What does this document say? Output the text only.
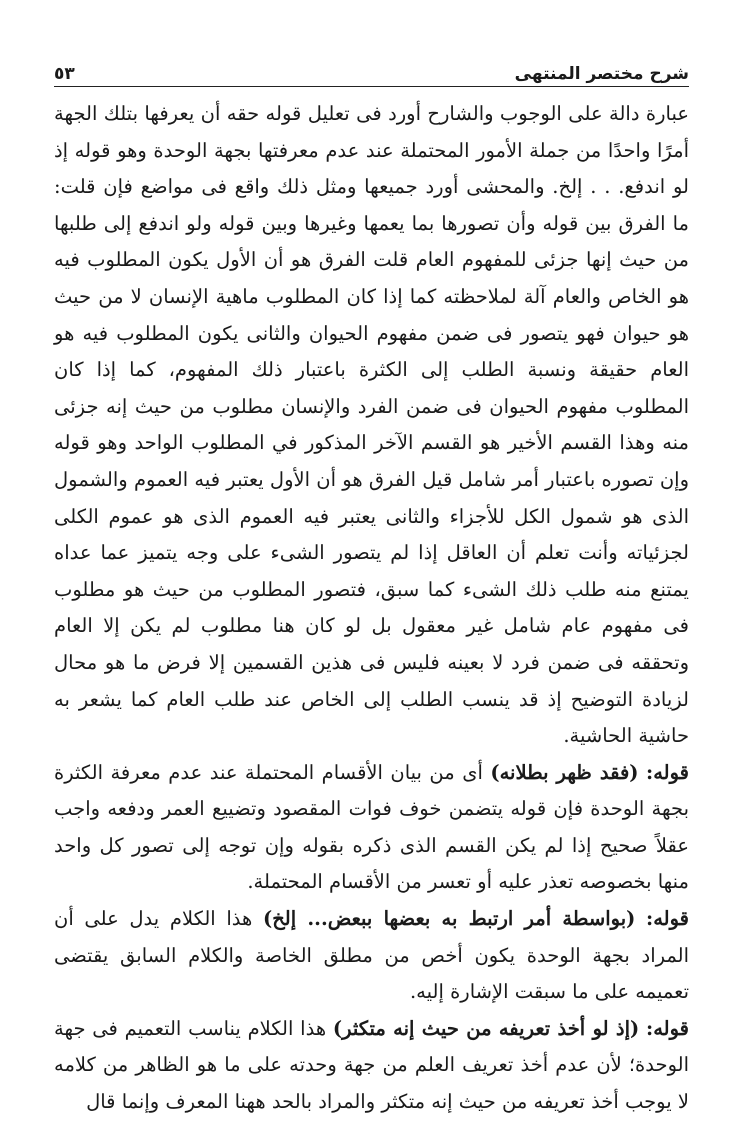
شرح مختصر المنتهى
٥٣

عبارة دالة على الوجوب والشارح أورد فى تعليل قوله حقه أن يعرفها بتلك الجهة أمرًا واحدًا من جملة الأمور المحتملة عند عدم معرفتها بجهة الوحدة وهو قوله إذ لو اندفع. . . إلخ. والمحشى أورد جميعها ومثل ذلك واقع فى مواضع فإن قلت: ما الفرق بين قوله وأن تصورها بما يعمها وغيرها وبين قوله ولو اندفع إلى طلبها من حيث إنها جزئى للمفهوم العام قلت الفرق هو أن الأول يكون المطلوب فيه هو الخاص والعام آلة لملاحظته كما إذا كان المطلوب ماهية الإنسان لا من حيث هو حيوان فهو يتصور فى ضمن مفهوم الحيوان والثانى يكون المطلوب فيه هو العام حقيقة ونسبة الطلب إلى الكثرة باعتبار ذلك المفهوم، كما إذا كان المطلوب مفهوم الحيوان فى ضمن الفرد والإنسان مطلوب من حيث إنه جزئى منه وهذا القسم الأخير هو القسم الآخر المذكور في المطلوب الواحد وهو قوله وإن تصوره باعتبار أمر شامل قيل الفرق هو أن الأول يعتبر فيه العموم والشمول الذى هو شمول الكل للأجزاء والثانى يعتبر فيه العموم الذى هو عموم الكلى لجزئياته وأنت تعلم أن العاقل إذا لم يتصور الشىء على وجه يتميز عما عداه يمتنع منه طلب ذلك الشىء كما سبق، فتصور المطلوب من حيث هو مطلوب فى مفهوم عام شامل غير معقول بل لو كان هنا مطلوب لم يكن إلا العام وتحققه فى ضمن فرد لا بعينه فليس فى هذين القسمين إلا فرض ما هو محال لزيادة التوضيح إذ قد ينسب الطلب إلى الخاص عند طلب العام كما يشعر به حاشية الحاشية.

قوله: (فقد ظهر بطلانه) أى من بيان الأقسام المحتملة عند عدم معرفة الكثرة بجهة الوحدة فإن قوله يتضمن خوف فوات المقصود وتضييع العمر ودفعه واجب عقلاً صحيح إذا لم يكن القسم الذى ذكره بقوله وإن توجه إلى تصور كل واحد منها بخصوصه تعذر عليه أو تعسر من الأقسام المحتملة.

قوله: (بواسطة أمر ارتبط به بعضها ببعض... إلخ) هذا الكلام يدل على أن المراد بجهة الوحدة يكون أخص من مطلق الخاصة والكلام السابق يقتضى تعميمه على ما سبقت الإشارة إليه.

قوله: (إذ لو أخذ تعريفه من حيث إنه متكثر) هذا الكلام يناسب التعميم فى جهة الوحدة؛ لأن عدم أخذ تعريف العلم من جهة وحدته على ما هو الظاهر من كلامه لا يوجب أخذ تعريفه من حيث إنه متكثر والمراد بالحد ههنا المعرف وإنما قال
